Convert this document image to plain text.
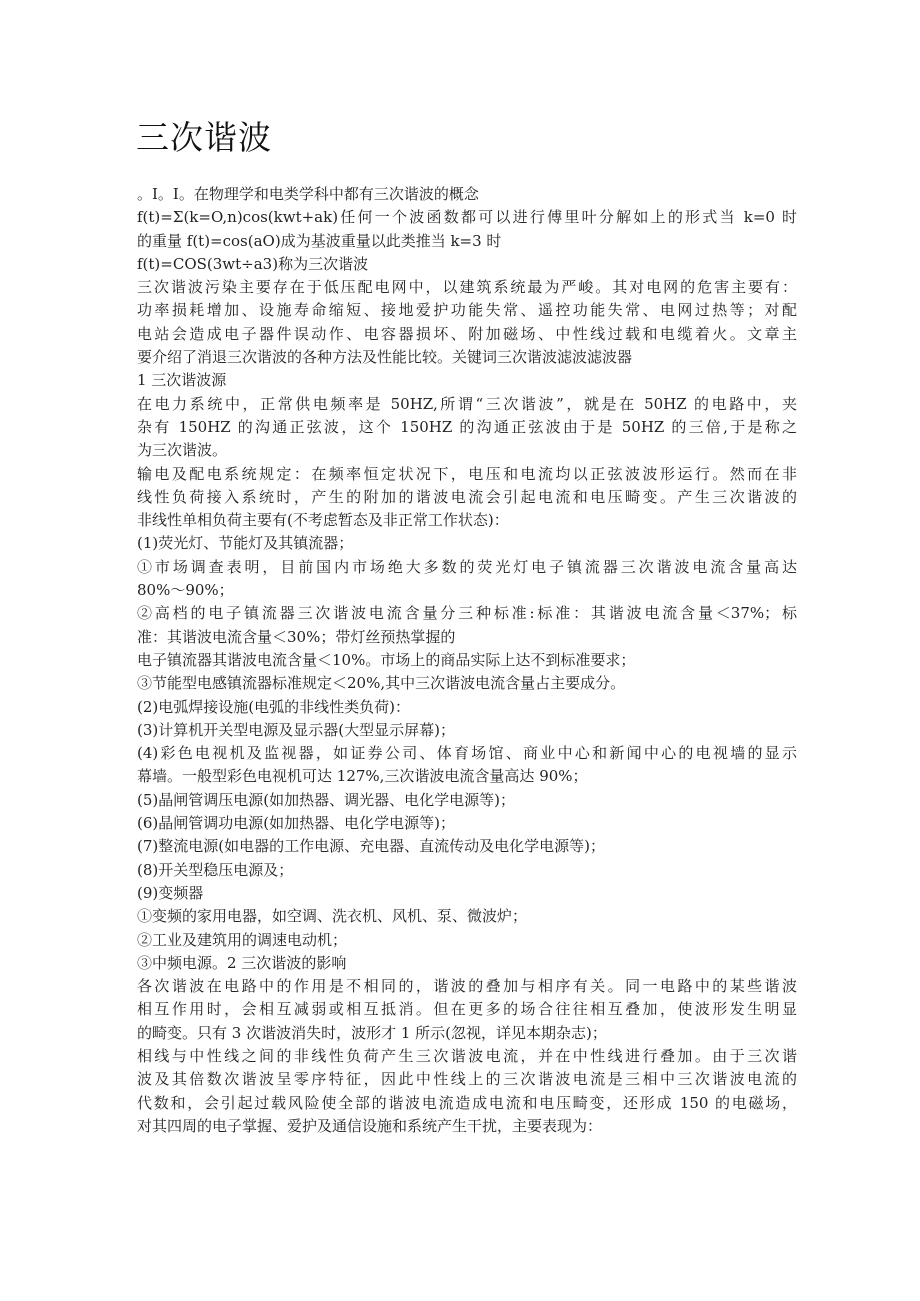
三次谐波
。I。I。在物理学和电类学科中都有三次谐波的概念
f(t)=Σ(k=O,n)cos(kwt+ak)任何一个波函数都可以进行傅里叶分解如上的形式当 k=0 时
的重量 f(t)=cos(aO)成为基波重量以此类推当 k=3 时
f(t)=COS(3wt÷a3)称为三次谐波
三次谐波污染主要存在于低压配电网中，以建筑系统最为严峻。其对电网的危害主要有：
功率损耗增加、设施寿命缩短、接地爱护功能失常、遥控功能失常、电网过热等；对配
电站会造成电子器件误动作、电容器损坏、附加磁场、中性线过载和电缆着火。文章主
要介绍了消退三次谐波的各种方法及性能比较。关键词三次谐波滤波滤波器
1 三次谐波源
在电力系统中，正常供电频率是 50HZ,所谓“三次谐波”，就是在 50HZ 的电路中，夹
杂有 150HZ 的沟通正弦波，这个 150HZ 的沟通正弦波由于是 50HZ 的三倍,于是称之
为三次谐波。
输电及配电系统规定：在频率恒定状况下，电压和电流均以正弦波波形运行。然而在非
线性负荷接入系统时，产生的附加的谐波电流会引起电流和电压畸变。产生三次谐波的
非线性单相负荷主要有(不考虑暂态及非正常工作状态)：
(1)荧光灯、节能灯及其镇流器；
①市场调查表明，目前国内市场绝大多数的荧光灯电子镇流器三次谐波电流含量高达
80%～90%；
②高档的电子镇流器三次谐波电流含量分三种标准:标准：其谐波电流含量＜37%；标
准：其谐波电流含量＜30%；带灯丝预热掌握的
电子镇流器其谐波电流含量＜10%。市场上的商品实际上达不到标准要求；
③节能型电感镇流器标准规定＜20%,其中三次谐波电流含量占主要成分。
(2)电弧焊接设施(电弧的非线性类负荷)：
(3)计算机开关型电源及显示器(大型显示屏幕)；
(4)彩色电视机及监视器，如证券公司、体育场馆、商业中心和新闻中心的电视墙的显示
幕墙。一般型彩色电视机可达 127%,三次谐波电流含量高达 90%；
(5)晶闸管调压电源(如加热器、调光器、电化学电源等)；
(6)晶闸管调功电源(如加热器、电化学电源等)；
(7)整流电源(如电器的工作电源、充电器、直流传动及电化学电源等)；
(8)开关型稳压电源及；
(9)变频器
①变频的家用电器，如空调、洗衣机、风机、泵、微波炉；
②工业及建筑用的调速电动机；
③中频电源。2 三次谐波的影响
各次谐波在电路中的作用是不相同的，谐波的叠加与相序有关。同一电路中的某些谐波
相互作用时，会相互减弱或相互抵消。但在更多的场合往往相互叠加，使波形发生明显
的畸变。只有 3 次谐波消失时，波形才 1 所示(忽视，详见本期杂志)；
相线与中性线之间的非线性负荷产生三次谐波电流，并在中性线进行叠加。由于三次谐
波及其倍数次谐波呈零序特征，因此中性线上的三次谐波电流是三相中三次谐波电流的
代数和，会引起过载风险使全部的谐波电流造成电流和电压畸变，还形成 150 的电磁场，
对其四周的电子掌握、爱护及通信设施和系统产生干扰，主要表现为：
